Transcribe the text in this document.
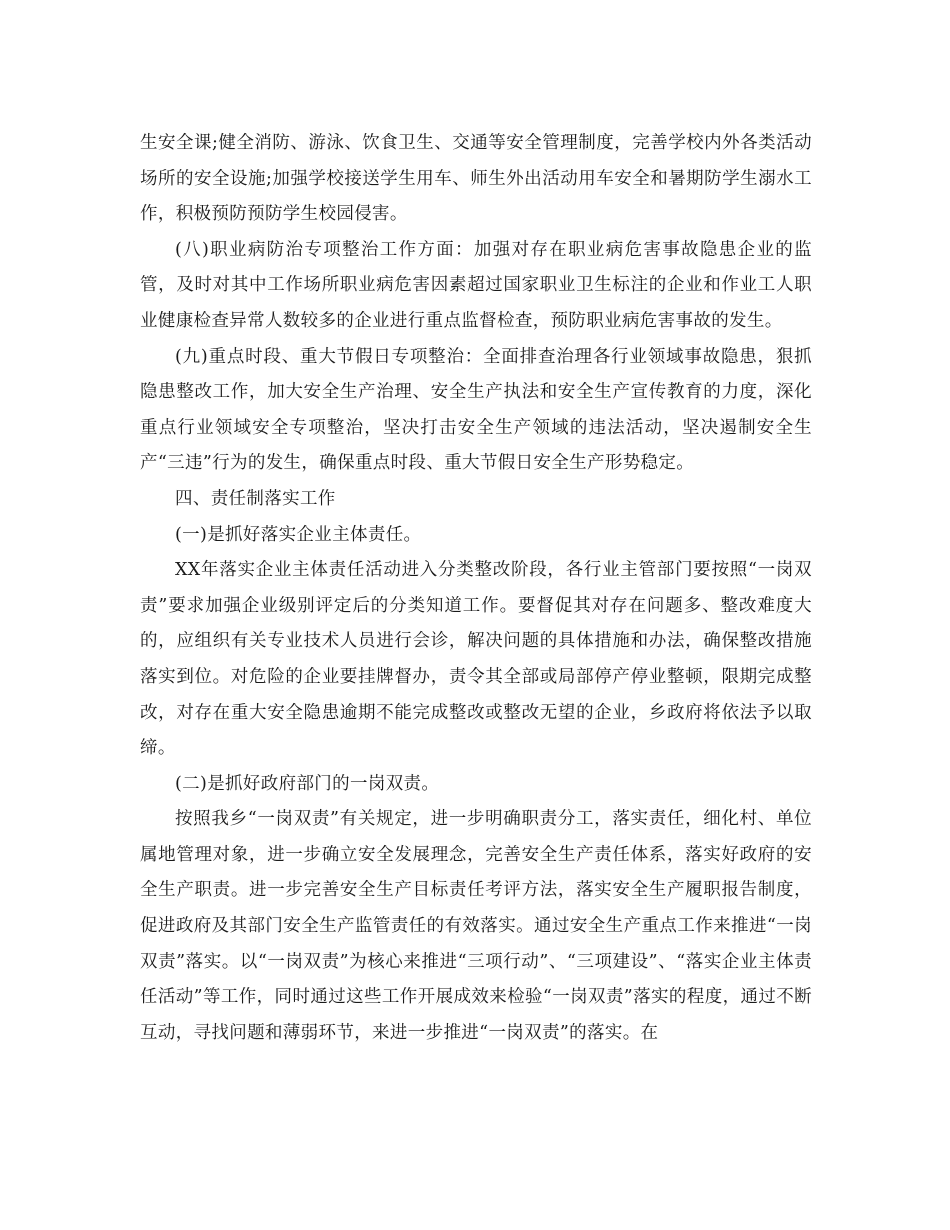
生安全课;健全消防、游泳、饮食卫生、交通等安全管理制度，完善学校内外各类活动场所的安全设施;加强学校接送学生用车、师生外出活动用车安全和暑期防学生溺水工作，积极预防预防学生校园侵害。

(八)职业病防治专项整治工作方面：加强对存在职业病危害事故隐患企业的监管，及时对其中工作场所职业病危害因素超过国家职业卫生标注的企业和作业工人职业健康检查异常人数较多的企业进行重点监督检查，预防职业病危害事故的发生。

(九)重点时段、重大节假日专项整治：全面排查治理各行业领域事故隐患，狠抓隐患整改工作，加大安全生产治理、安全生产执法和安全生产宣传教育的力度，深化重点行业领域安全专项整治，坚决打击安全生产领域的违法活动，坚决遏制安全生产“三违”行为的发生，确保重点时段、重大节假日安全生产形势稳定。

四、责任制落实工作

(一)是抓好落实企业主体责任。

XX年落实企业主体责任活动进入分类整改阶段，各行业主管部门要按照“一岗双责”要求加强企业级别评定后的分类知道工作。要督促其对存在问题多、整改难度大的，应组织有关专业技术人员进行会诊，解决问题的具体措施和办法，确保整改措施落实到位。对危险的企业要挂牌督办，责令其全部或局部停产停业整顿，限期完成整改，对存在重大安全隐患逾期不能完成整改或整改无望的企业，乡政府将依法予以取缔。

(二)是抓好政府部门的一岗双责。

按照我乡“一岗双责”有关规定，进一步明确职责分工，落实责任，细化村、单位属地管理对象，进一步确立安全发展理念，完善安全生产责任体系，落实好政府的安全生产职责。进一步完善安全生产目标责任考评方法，落实安全生产履职报告制度，促进政府及其部门安全生产监管责任的有效落实。通过安全生产重点工作来推进“一岗双责”落实。以“一岗双责”为核心来推进“三项行动”、“三项建设”、“落实企业主体责任活动”等工作，同时通过这些工作开展成效来检验“一岗双责”落实的程度，通过不断互动，寻找问题和薄弱环节，来进一步推进“一岗双责”的落实。在
